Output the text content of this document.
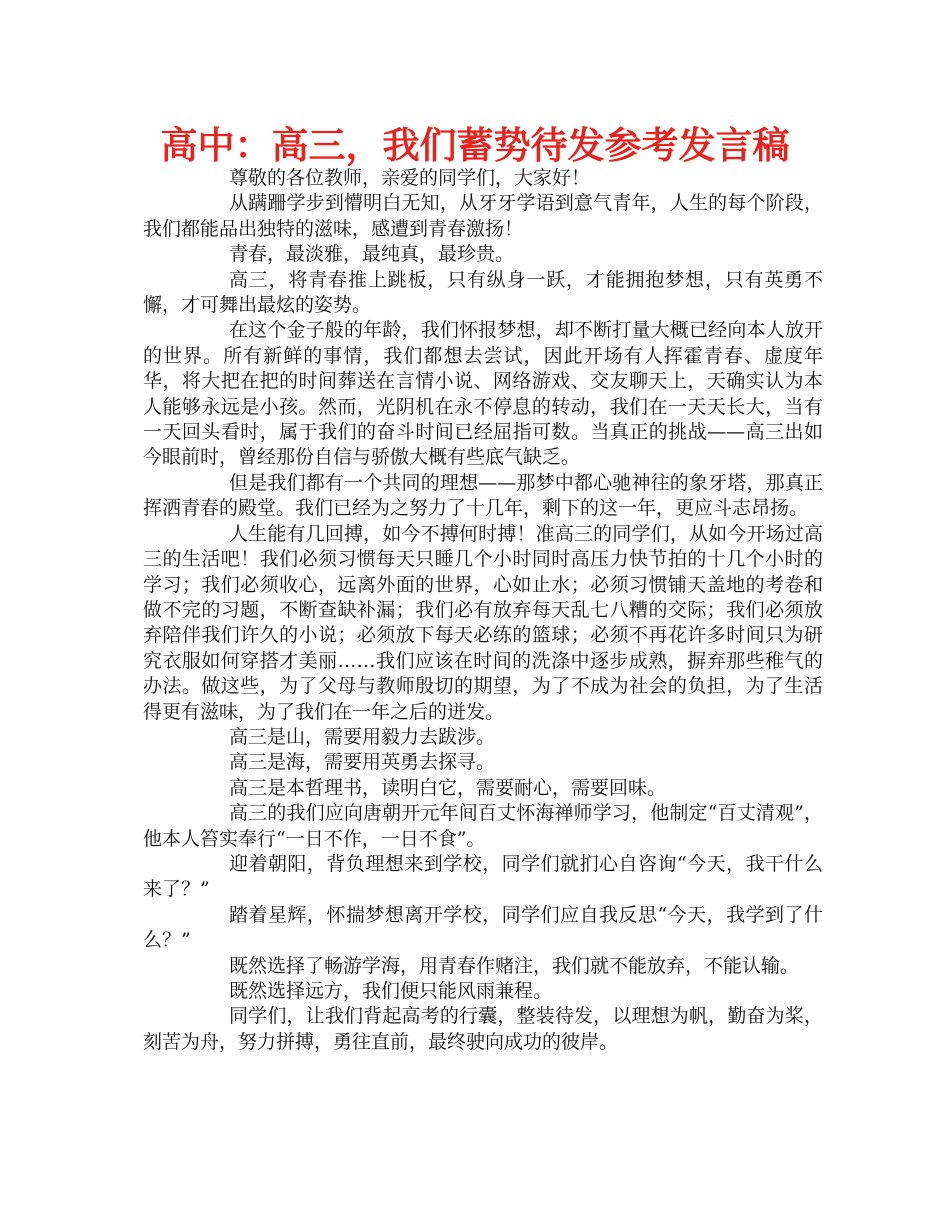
高中：高三，我们蓄势待发参考发言稿

尊敬的各位教师，亲爱的同学们，大家好！

从蹒跚学步到懵明白无知，从牙牙学语到意气青年，人生的每个阶段，我们都能品出独特的滋味，感遭到青春激扬！

青春，最淡雅，最纯真，最珍贵。

高三，将青春推上跳板，只有纵身一跃，才能拥抱梦想，只有英勇不懈，才可舞出最炫的姿势。

在这个金子般的年龄，我们怀报梦想，却不断打量大概已经向本人放开的世界。所有新鲜的事情，我们都想去尝试，因此开场有人挥霍青春、虚度年华，将大把在把的时间葬送在言情小说、网络游戏、交友聊天上，天确实认为本人能够永远是小孩。然而，光阴机在永不停息的转动，我们在一天天长大，当有一天回头看时，属于我们的奋斗时间已经屈指可数。当真正的挑战——高三出如今眼前时，曾经那份自信与骄傲大概有些底气缺乏。

但是我们都有一个共同的理想——那梦中都心驰神往的象牙塔，那真正挥洒青春的殿堂。我们已经为之努力了十几年，剩下的这一年，更应斗志昂扬。

人生能有几回搏，如今不搏何时搏！准高三的同学们，从如今开场过高三的生活吧！我们必须习惯每天只睡几个小时同时高压力快节拍的十几个小时的学习；我们必须收心，远离外面的世界，心如止水；必须习惯铺天盖地的考卷和做不完的习题，不断查缺补漏；我们必有放弃每天乱七八糟的交际；我们必须放弃陪伴我们许久的小说；必须放下每天必练的篮球；必须不再花许多时间只为研究衣服如何穿搭才美丽……我们应该在时间的洗涤中逐步成熟，摒弃那些稚气的办法。做这些，为了父母与教师殷切的期望，为了不成为社会的负担，为了生活得更有滋味，为了我们在一年之后的迸发。

高三是山，需要用毅力去跋涉。

高三是海，需要用英勇去探寻。

高三是本哲理书，读明白它，需要耐心，需要回味。

高三的我们应向唐朝开元年间百丈怀海禅师学习，他制定“百丈清观”，他本人笞实奉行“一日不作，一日不食”。

迎着朝阳，背负理想来到学校，同学们就扪心自咨询“今天，我干什么来了？”

踏着星辉，怀揣梦想离开学校，同学们应自我反思“今天，我学到了什么？”

既然选择了畅游学海，用青春作赌注，我们就不能放弃，不能认输。

既然选择远方，我们便只能风雨兼程。

同学们，让我们背起高考的行囊，整装待发，以理想为帆，勤奋为桨，刻苦为舟，努力拼搏，勇往直前，最终驶向成功的彼岸。
